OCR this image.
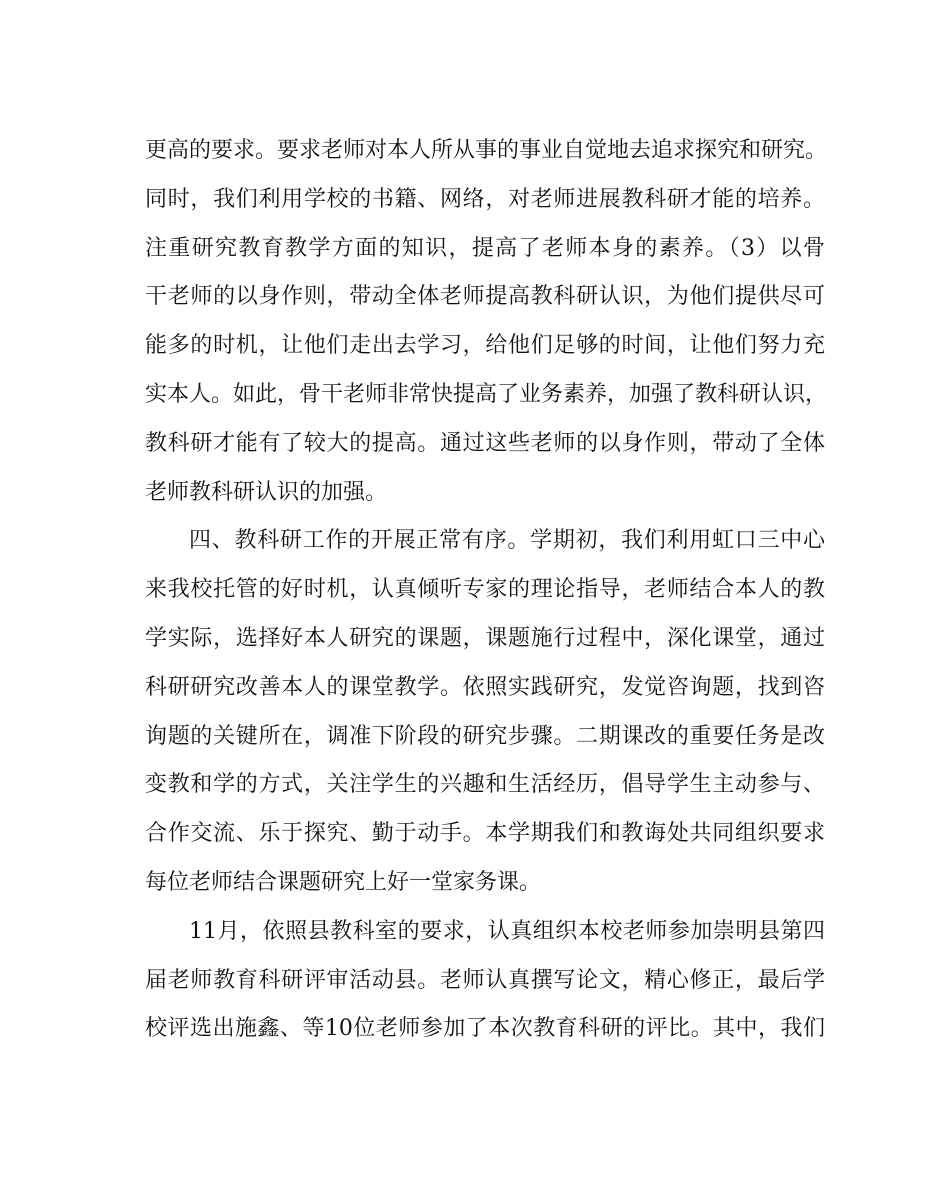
更高的要求。要求老师对本人所从事的事业自觉地去追求探究和研究。
同时，我们利用学校的书籍、网络，对老师进展教科研才能的培养。
注重研究教育教学方面的知识，提高了老师本身的素养。（3）以骨
干老师的以身作则，带动全体老师提高教科研认识，为他们提供尽可
能多的时机，让他们走出去学习，给他们足够的时间，让他们努力充
实本人。如此，骨干老师非常快提高了业务素养，加强了教科研认识，
教科研才能有了较大的提高。通过这些老师的以身作则，带动了全体
老师教科研认识的加强。
四、教科研工作的开展正常有序。学期初，我们利用虹口三中心
来我校托管的好时机，认真倾听专家的理论指导，老师结合本人的教
学实际，选择好本人研究的课题，课题施行过程中，深化课堂，通过
科研研究改善本人的课堂教学。依照实践研究，发觉咨询题，找到咨
询题的关键所在，调准下阶段的研究步骤。二期课改的重要任务是改
变教和学的方式，关注学生的兴趣和生活经历，倡导学生主动参与、
合作交流、乐于探究、勤于动手。本学期我们和教诲处共同组织要求
每位老师结合课题研究上好一堂家务课。
11月，依照县教科室的要求，认真组织本校老师参加崇明县第四
届老师教育科研评审活动县。老师认真撰写论文，精心修正，最后学
校评选出施鑫、等10位老师参加了本次教育科研的评比。其中，我们
